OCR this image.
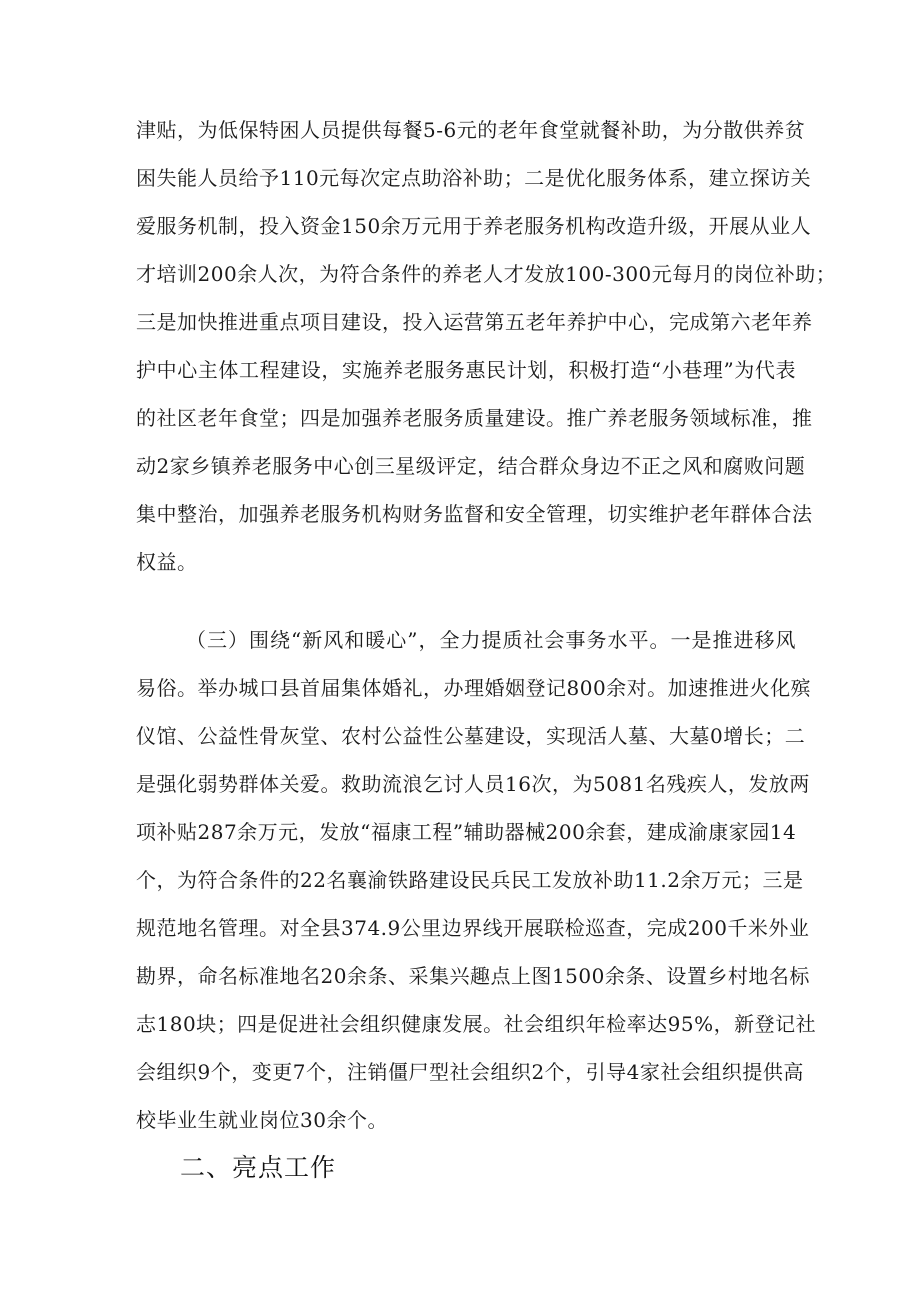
津贴，为低保特困人员提供每餐5-6元的老年食堂就餐补助，为分散供养贫
困失能人员给予110元每次定点助浴补助；二是优化服务体系，建立探访关
爱服务机制，投入资金150余万元用于养老服务机构改造升级，开展从业人
才培训200余人次，为符合条件的养老人才发放100-300元每月的岗位补助；
三是加快推进重点项目建设，投入运营第五老年养护中心，完成第六老年养
护中心主体工程建设，实施养老服务惠民计划，积极打造“小巷理”为代表
的社区老年食堂；四是加强养老服务质量建设。推广养老服务领域标准，推
动2家乡镇养老服务中心创三星级评定，结合群众身边不正之风和腐败问题
集中整治，加强养老服务机构财务监督和安全管理，切实维护老年群体合法
权益。
（三）围绕“新风和暖心”，全力提质社会事务水平。一是推进移风
易俗。举办城口县首届集体婚礼，办理婚姻登记800余对。加速推进火化殡
仪馆、公益性骨灰堂、农村公益性公墓建设，实现活人墓、大墓0增长；二
是强化弱势群体关爱。救助流浪乞讨人员16次，为5081名残疾人，发放两
项补贴287余万元，发放“福康工程”辅助器械200余套，建成渝康家园14
个，为符合条件的22名襄渝铁路建设民兵民工发放补助11.2余万元；三是
规范地名管理。对全县374.9公里边界线开展联检巡查，完成200千米外业
勘界，命名标准地名20余条、采集兴趣点上图1500余条、设置乡村地名标
志180块；四是促进社会组织健康发展。社会组织年检率达95%，新登记社
会组织9个，变更7个，注销僵尸型社会组织2个，引导4家社会组织提供高
校毕业生就业岗位30余个。
二、亮点工作
